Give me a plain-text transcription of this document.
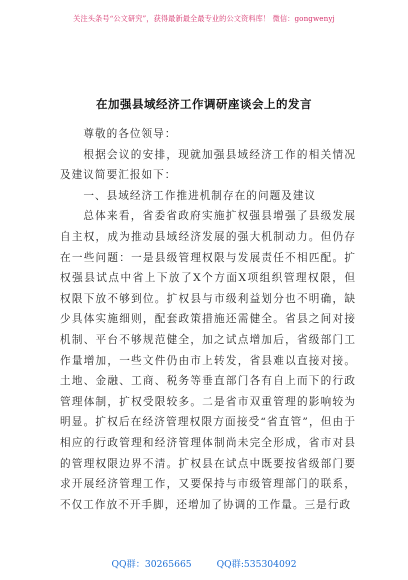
关注头条号“公文研究”，获得最新最全最专业的公文资料库！ 微信：gongwenyj
在加强县域经济工作调研座谈会上的发言

尊敬的各位领导：

根据会议的安排，现就加强县域经济工作的相关情况及建议简要汇报如下：

一、县域经济工作推进机制存在的问题及建议

总体来看，省委省政府实施扩权强县增强了县级发展自主权，成为推动县域经济发展的强大机制动力。但仍存在一些问题：一是县级管理权限与发展责任不相匹配。扩权强县试点中省上下放了X个方面X项组织管理权限，但权限下放不够到位。扩权县与市级利益划分也不明确，缺少具体实施细则，配套政策措施还需健全。省县之间对接机制、平台不够规范健全，加之试点增加后，省级部门工作量增加，一些文件仍由市上转发，省县难以直接对接。土地、金融、工商、税务等垂直部门各有自上而下的行政管理体制，扩权受限较多。二是省市双重管理的影响较为明显。扩权后在经济管理权限方面接受“省直管”，但由于相应的行政管理和经济管理体制尚未完全形成，省市对县的管理权限边界不清。扩权县在试点中既要按省级部门要求开展经济管理工作，又要保持与市级管理部门的联系，不仅工作放不开手脚，还增加了协调的工作量。三是行政

QQ群：30265665	QQ群:535304092
